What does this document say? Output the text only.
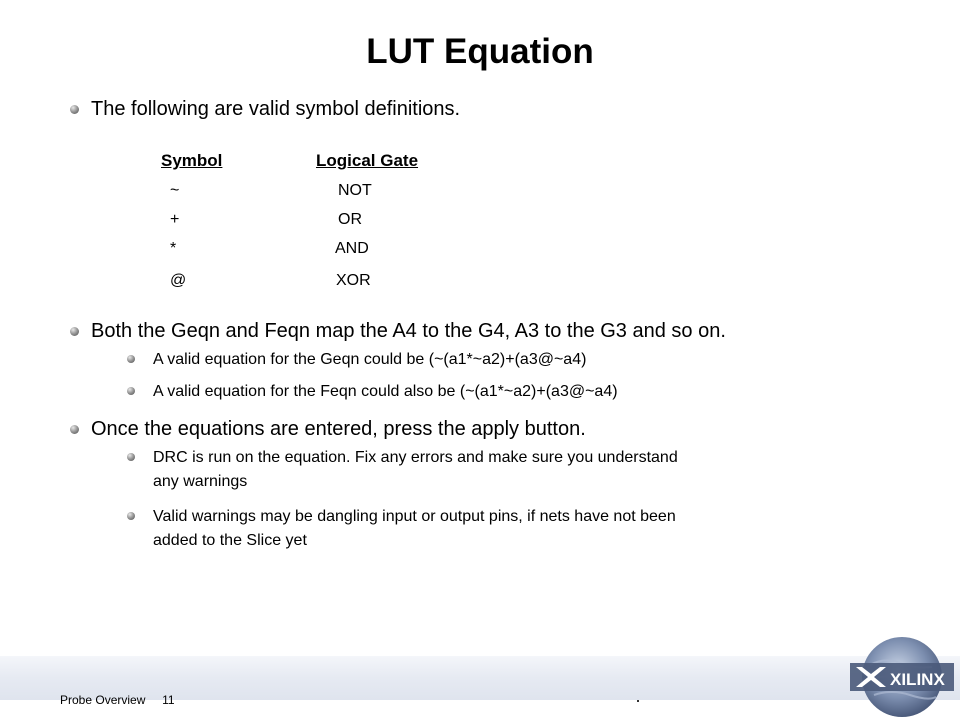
LUT Equation
The following are valid symbol definitions.
Symbol	Logical Gate
~	NOT
+	OR
*	AND
@	XOR
Both the Geqn and Feqn map the A4 to the G4, A3 to the G3 and so on.
A valid equation for the Geqn could be (~(a1*~a2)+(a3@~a4)
A valid equation for the Feqn could also be (~(a1*~a2)+(a3@~a4)
Once the equations are entered, press the apply button.
DRC is run on the equation. Fix any errors and make sure you understand
any warnings
Valid warnings may be dangling input or output pins, if nets have not been
added to the Slice yet
Probe Overview 11
XILINX
